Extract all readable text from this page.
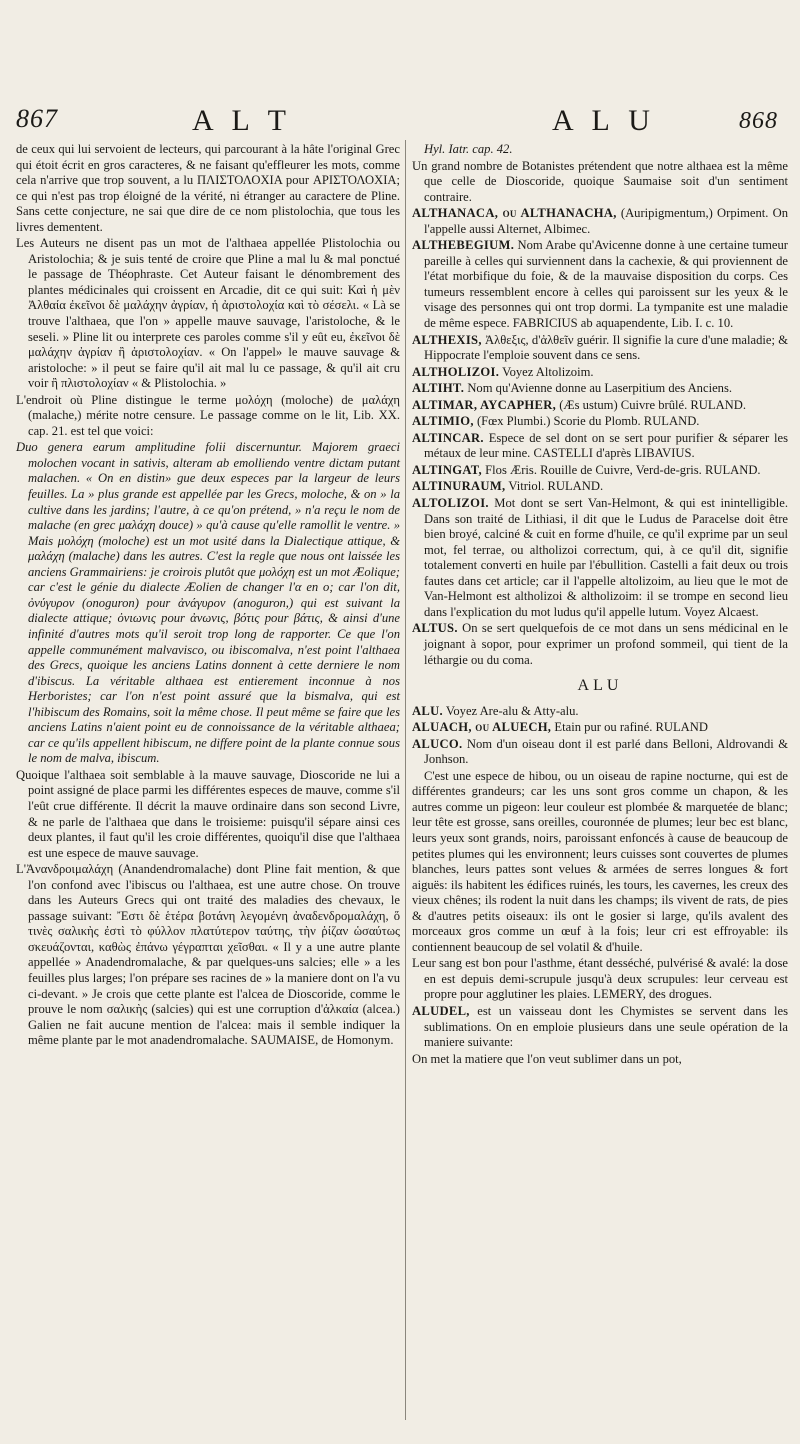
867	A L T	A L U	868

de ceux qui lui servoient de lecteurs, qui parcourant à la hâte l'original Grec qui étoit écrit en gros caracteres, & ne faisant qu'effleurer les mots, comme cela n'arrive que trop souvent, a lu ΠΛΙΣΤΟΛΟΧΙΑ pour ΑΡΙΣΤΟΛΟΧΙΑ; ce qui n'est pas trop éloigné de la vérité, ni étranger au caractere de Pline. Sans cette conjecture, ne sai que dire de ce nom plistolochia, que tous les livres dementent.

Les Auteurs ne disent pas un mot de l'althaea appellée Plistolochia ou Aristolochia; & je suis tenté de croire que Pline a mal lu & mal ponctué le passage de Théophraste. Cet Auteur faisant le dénombrement des plantes médicinales qui croissent en Arcadie, dit ce qui suit: Καὶ ἡ μὲν Ἀλθαία ἐκεῖνοι δὲ μαλάχην ἀγρίαν, ἡ ἀριστολοχία καὶ τὸ σέσελι. « Là se trouve l'althaea, que l'on » appelle mauve sauvage, l'aristoloche, & le seseli. » Pline lit ou interprete ces paroles comme s'il y eût eu, ἐκεῖνοι δὲ μαλάχην ἀγρίαν ἢ ἀριστολοχίαν. « On l'appel» le mauve sauvage & aristoloche: » il peut se faire qu'il ait mal lu ce passage, & qu'il ait cru voir ἢ πλιστολοχίαν « & Plistolochia. »

L'endroit où Pline distingue le terme μολόχη (moloche) de μαλάχη (malache,) mérite notre censure. Le passage comme on le lit, Lib. XX. cap. 21. est tel que voici:

Duo genera earum amplitudine folii discernuntur. Majorem graeci molochen vocant in sativis, alteram ab emolliendo ventre dictam putant malachen. « On en distin» gue deux especes par la largeur de leurs feuilles. La » plus grande est appellée par les Grecs, moloche, & on » la cultive dans les jardins; l'autre, à ce qu'on prétend, » n'a reçu le nom de malache (en grec μαλάχη douce) » qu'à cause qu'elle ramollit le ventre. » Mais μολόχη (moloche) est un mot usité dans la Dialectique attique, & μαλάχη (malache) dans les autres. C'est la regle que nous ont laissée les anciens Grammairiens: je croirois plutôt que μολόχη est un mot Æolique; car c'est le génie du dialecte Æolien de changer l'α en ο; car l'on dit, ὀνύγυρον (onoguron) pour ἀνάγυρον (anoguron,) qui est suivant la dialecte attique; ὀνιωνις pour ἀνωνις, βότις pour βάτις, & ainsi d'une infinité d'autres mots qu'il seroit trop long de rapporter. Ce que l'on appelle communément malvavisco, ou ibiscomalva, n'est point l'althaea des Grecs, quoique les anciens Latins donnent à cette derniere le nom d'ibiscus. La véritable althaea est entierement inconnue à nos Herboristes; car l'on n'est point assuré que la bismalva, qui est l'hibiscum des Romains, soit la même chose. Il peut même se faire que les anciens Latins n'aient point eu de connoissance de la véritable althaea; car ce qu'ils appellent hibiscum, ne differe point de la plante connue sous le nom de malva, ibiscum.

Quoique l'althaea soit semblable à la mauve sauvage, Dioscoride ne lui a point assigné de place parmi les différentes especes de mauve, comme s'il l'eût crue différente. Il décrit la mauve ordinaire dans son second Livre, & ne parle de l'althaea que dans le troisieme: puisqu'il sépare ainsi ces deux plantes, il faut qu'il les croie différentes, quoiqu'il dise que l'althaea est une espece de mauve sauvage.

L'Ἀνανδροιμαλάχη (Anandendromalache) dont Pline fait mention, & que l'on confond avec l'ibiscus ou l'althaea, est une autre chose. On trouve dans les Auteurs Grecs qui ont traité des maladies des chevaux, le passage suivant: Ἔστι δὲ ἑτέρα βοτάνη λεγομένη ἀναδενδρομαλάχη, ὅ τινὲς σαλικὴς ἐστὶ τὸ φύλλον πλατύτερον ταύτης, τὴν ῥίζαν ὡσαύτως σκευάζονται, καθὼς ἐπάνω γέγραπται χεῖσθαι. « Il y a une autre plante appellée » Anadendromalache, & par quelques-uns salcies; elle » a les feuilles plus larges; l'on prépare ses racines de » la maniere dont on l'a vu ci-devant. » Je crois que cette plante est l'alcea de Dioscoride, comme le prouve le nom σαλικὴς (salcies) qui est une corruption d'ἀλκαία (alcea.) Galien ne fait aucune mention de l'alcea: mais il semble indiquer la même plante par le mot anadendromalache. SAUMAISE, de Homonym.

Hyl. Iatr. cap. 42.

Un grand nombre de Botanistes prétendent que notre althaea est la même que celle de Dioscoride, quoique Saumaise soit d'un sentiment contraire.

ALTHANACA, ou ALTHANACHA, (Auripigmentum,) Orpiment. On l'appelle aussi Alternet, Albimec.

ALTHEBEGIUM. Nom Arabe qu'Avicenne donne à une certaine tumeur pareille à celles qui surviennent dans la cachexie, & qui proviennent de l'état morbifique du foie, & de la mauvaise disposition du corps. Ces tumeurs ressemblent encore à celles qui paroissent sur les yeux & le visage des personnes qui ont trop dormi. La tympanite est une maladie de même espece. FABRICIUS ab aquapendente, Lib. I. c. 10.

ALTHEXIS, Ἀλθεξις, d'ἀλθεῖν guérir. Il signifie la cure d'une maladie; & Hippocrate l'emploie souvent dans ce sens.

ALTHOLIZOI. Voyez Altolizoim.

ALTIHT. Nom qu'Avienne donne au Laserpitium des Anciens.

ALTIMAR, AYCAPHER, (Æs ustum) Cuivre brûlé. RULAND.

ALTIMIO, (Fœx Plumbi.) Scorie du Plomb. RULAND.

ALTINCAR. Espece de sel dont on se sert pour purifier & séparer les métaux de leur mine. CASTELLI d'après LIBAVIUS.

ALTINGAT, Flos Æris. Rouille de Cuivre, Verd-de-gris. RULAND.

ALTINURAUM, Vitriol. RULAND.

ALTOLIZOI. Mot dont se sert Van-Helmont, & qui est inintelligible. Dans son traité de Lithiasi, il dit que le Ludus de Paracelse doit être bien broyé, calciné & cuit en forme d'huile, ce qu'il exprime par un seul mot, fel terrae, ou altholizoi correctum, qui, à ce qu'il dit, signifie totalement converti en huile par l'ébullition. Castelli a fait deux ou trois fautes dans cet article; car il l'appelle altolizoim, au lieu que le mot de Van-Helmont est altholizoi & altholizoim: il se trompe en second lieu dans l'explication du mot ludus qu'il appelle lutum. Voyez Alcaest.

ALTUS. On se sert quelquefois de ce mot dans un sens médicinal en le joignant à sopor, pour exprimer un profond sommeil, qui tient de la léthargie ou du coma.

ALU

ALU. Voyez Are-alu & Atty-alu.

ALUACH, ou ALUECH, Etain pur ou rafiné. RULAND

ALUCO. Nom d'un oiseau dont il est parlé dans Belloni, Aldrovandi & Jonhson.

C'est une espece de hibou, ou un oiseau de rapine nocturne, qui est de différentes grandeurs; car les uns sont gros comme un chapon, & les autres comme un pigeon: leur couleur est plombée & marquetée de blanc; leur tête est grosse, sans oreilles, couronnée de plumes; leur bec est blanc, leurs yeux sont grands, noirs, paroissant enfoncés à cause de beaucoup de petites plumes qui les environnent; leurs cuisses sont couvertes de plumes blanches, leurs pattes sont velues & armées de serres longues & fort aiguës: ils habitent les édifices ruinés, les tours, les cavernes, les creux des vieux chênes; ils rodent la nuit dans les champs; ils vivent de rats, de pies & d'autres petits oiseaux: ils ont le gosier si large, qu'ils avalent des morceaux gros comme un œuf à la fois; leur cri est effroyable: ils contiennent beaucoup de sel volatil & d'huile.

Leur sang est bon pour l'asthme, étant desséché, pulvérisé & avalé: la dose en est depuis demi-scrupule jusqu'à deux scrupules: leur cerveau est propre pour agglutiner les plaies. LEMERY, des drogues.

ALUDEL, est un vaisseau dont les Chymistes se servent dans les sublimations. On en emploie plusieurs dans une seule opération de la maniere suivante:

On met la matiere que l'on veut sublimer dans un pot,
